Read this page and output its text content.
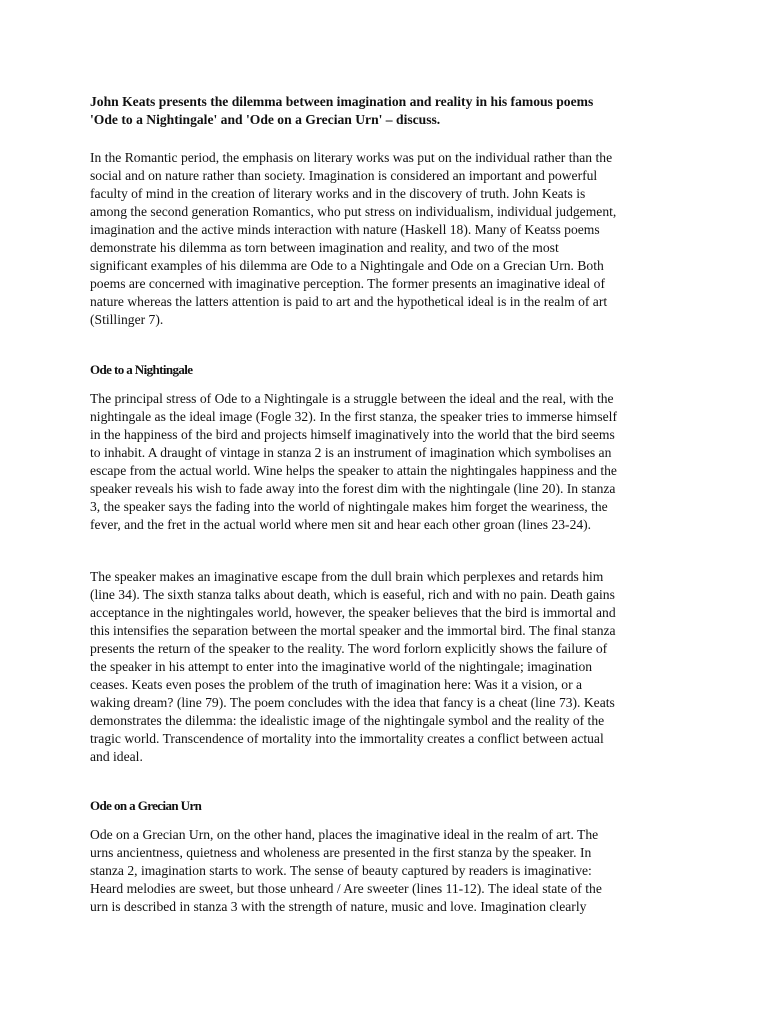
John Keats presents the dilemma between imagination and reality in his famous poems

'Ode to a Nightingale' and 'Ode on a Grecian Urn' – discuss.

In the Romantic period, the emphasis on literary works was put on the individual rather than the

social and on nature rather than society. Imagination is considered an important and powerful

faculty of mind in the creation of literary works and in the discovery of truth. John Keats is

among the second generation Romantics, who put stress on individualism, individual judgement,

imagination and the active minds interaction with nature (Haskell 18). Many of Keatss poems

demonstrate his dilemma as torn between imagination and reality, and two of the most

significant examples of his dilemma are Ode to a Nightingale and Ode on a Grecian Urn. Both

poems are concerned with imaginative perception. The former presents an imaginative ideal of

nature whereas the latters attention is paid to art and the hypothetical ideal is in the realm of art

(Stillinger 7).

Ode to a Nightingale

The principal stress of Ode to a Nightingale is a struggle between the ideal and the real, with the

nightingale as the ideal image (Fogle 32). In the first stanza, the speaker tries to immerse himself

in the happiness of the bird and projects himself imaginatively into the world that the bird seems

to inhabit. A draught of vintage in stanza 2 is an instrument of imagination which symbolises an

escape from the actual world. Wine helps the speaker to attain the nightingales happiness and the

speaker reveals his wish to fade away into the forest dim with the nightingale (line 20). In stanza

3, the speaker says the fading into the world of nightingale makes him forget the weariness, the

fever, and the fret in the actual world where men sit and hear each other groan (lines 23-24).

The speaker makes an imaginative escape from the dull brain which perplexes and retards him

(line 34). The sixth stanza talks about death, which is easeful, rich and with no pain. Death gains

acceptance in the nightingales world, however, the speaker believes that the bird is immortal and

this intensifies the separation between the mortal speaker and the immortal bird. The final stanza

presents the return of the speaker to the reality. The word forlorn explicitly shows the failure of

the speaker in his attempt to enter into the imaginative world of the nightingale; imagination

ceases. Keats even poses the problem of the truth of imagination here: Was it a vision, or a

waking dream? (line 79). The poem concludes with the idea that fancy is a cheat (line 73). Keats

demonstrates the dilemma: the idealistic image of the nightingale symbol and the reality of the

tragic world. Transcendence of mortality into the immortality creates a conflict between actual

and ideal.

Ode on a Grecian Urn

Ode on a Grecian Urn, on the other hand, places the imaginative ideal in the realm of art. The

urns ancientness, quietness and wholeness are presented in the first stanza by the speaker. In

stanza 2, imagination starts to work. The sense of beauty captured by readers is imaginative:

Heard melodies are sweet, but those unheard / Are sweeter (lines 11-12). The ideal state of the

urn is described in stanza 3 with the strength of nature, music and love. Imagination clearly
